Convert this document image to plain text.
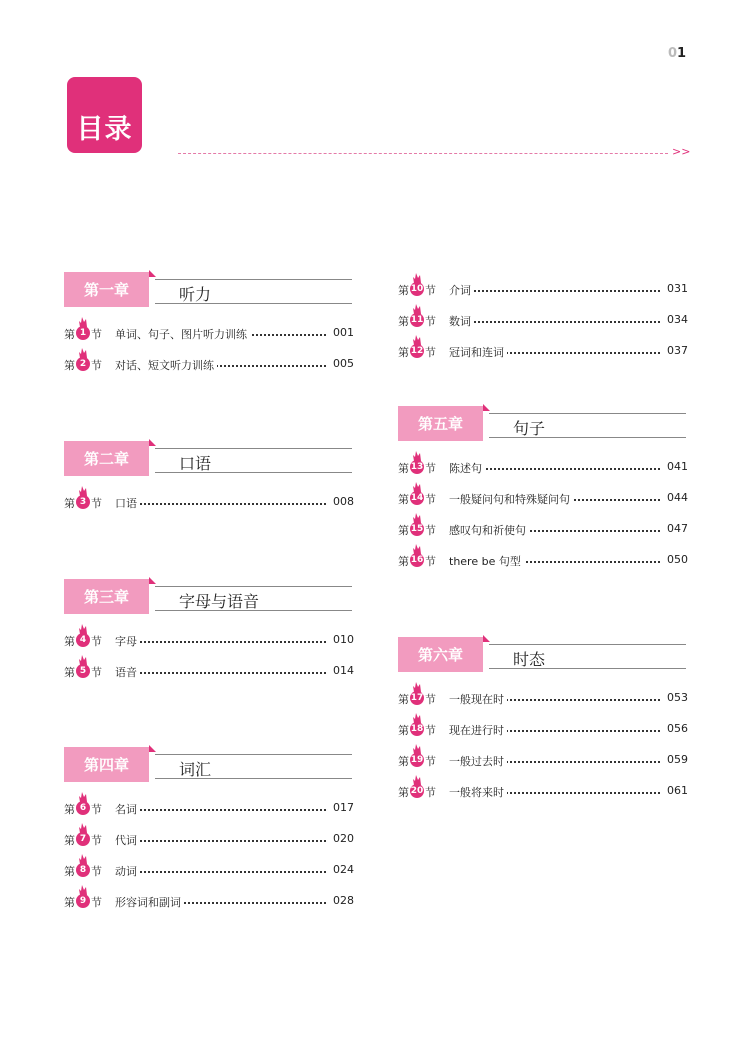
01
目录
>>
第一章	听力
第 1 节 单词、句子、图片听力训练	001
第 2 节 对话、短文听力训练	005
第二章	口语
第 3 节 口语	008
第三章	字母与语音
第 4 节 字母	010
第 5 节 语音	014
第四章	词汇
第 6 节 名词	017
第 7 节 代词	020
第 8 节 动词	024
第 9 节 形容词和副词	028
第 10 节 介词	031
第 11 节 数词	034
第 12 节 冠词和连词	037
第五章	句子
第 13 节 陈述句	041
第 14 节 一般疑问句和特殊疑问句	044
第 15 节 感叹句和祈使句	047
第 16 节 there be 句型	050
第六章	时态
第 17 节 一般现在时	053
第 18 节 现在进行时	056
第 19 节 一般过去时	059
第 20 节 一般将来时	061
